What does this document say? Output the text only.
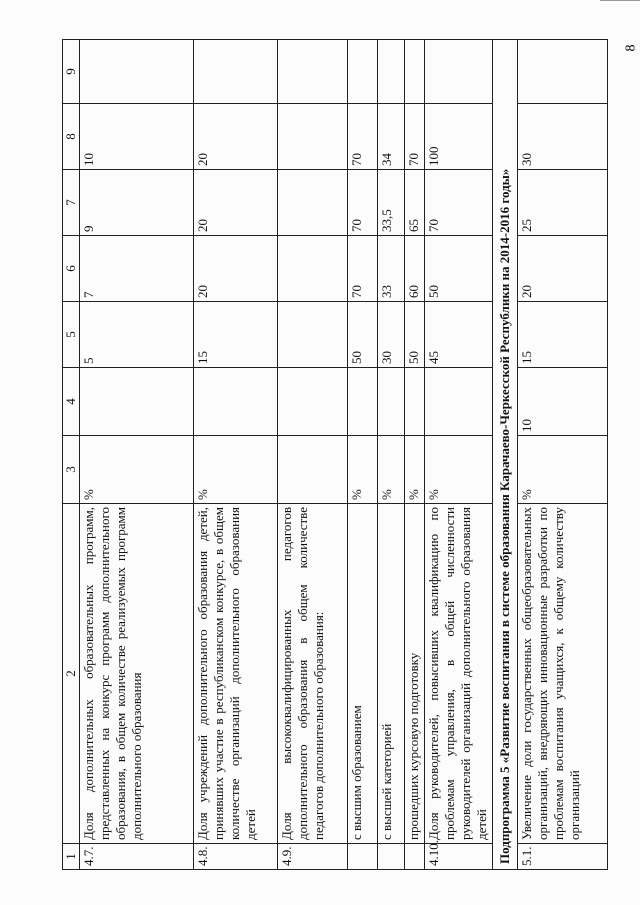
8
1	2	3	4	5	6	7	8	9
4.7.	Доля дополнительных образовательных программ, представленных на конкурс программ дополнительного образования, в общем количестве реализуемых программ дополнительного образования	%		5	7	9	10	
4.8.	Доля учреждений дополнительного образования детей, принявших участие в республиканском конкурсе, в общем количестве организаций дополнительного образования детей	%		15	20	20	20	
4.9.	Доля высококвалифицированных педагогов дополнительного образования в общем количестве педагогов дополнительного образования:							
	с высшим образованием	%		50	70	70	70	
	с высшей категорией	%		30	33	33,5	34	
	прошедших курсовую подготовку	%		50	60	65	70	
4.10.	Доля руководителей, повысивших квалификацию по проблемам управления, в общей численности руководителей организаций дополнительного образования детей	%		45	50	70	100	
Подпрограмма 5 «Развитие воспитания в системе образования Карачаево-Черкесской Республики на 2014-2016 годы»								
5.1.	Увеличение доли государственных общеобразовательных организаций, внедряющих инновационные разработки по проблемам воспитания учащихся, к общему количеству организаций	%	10	15	20	25	30	
